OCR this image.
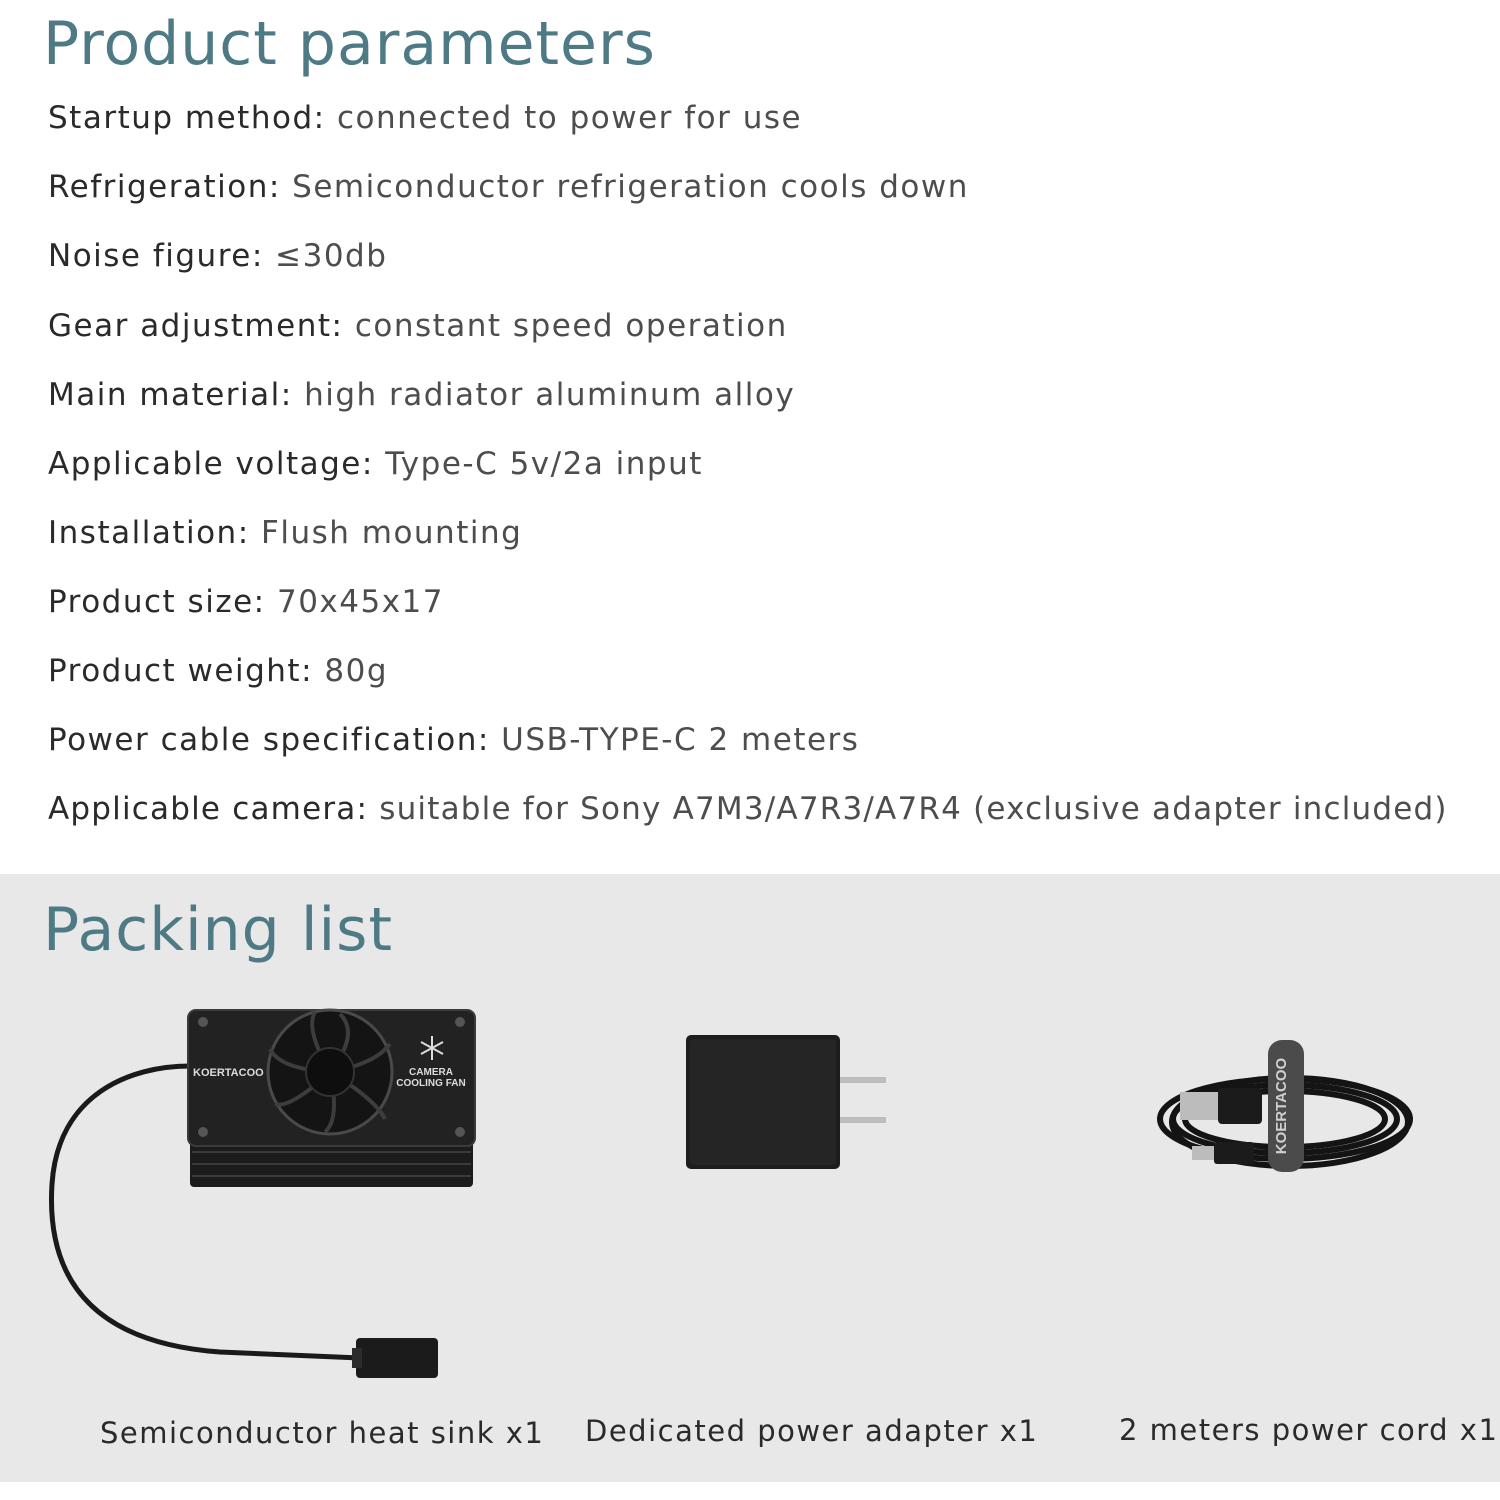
Product parameters
Startup method: connected to power for use
Refrigeration: Semiconductor refrigeration cools down
Noise figure: ≤30db
Gear adjustment: constant speed operation
Main material: high radiator aluminum alloy
Applicable voltage: Type-C 5v/2a input
Installation: Flush mounting
Product size: 70x45x17
Product weight: 80g
Power cable specification: USB-TYPE-C 2 meters
Applicable camera: suitable for Sony A7M3/A7R3/A7R4 (exclusive adapter included)
Packing list
CAMERA
COOLING FAN
KOERTACOO	KOERTACOO
Semiconductor heat sink x1 Dedicated power adapter x1	2 meters power cord x1
